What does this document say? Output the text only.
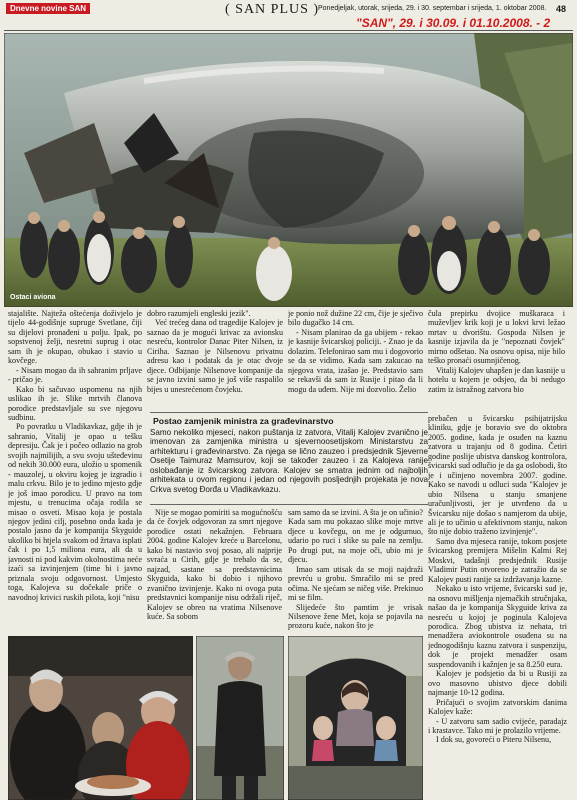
Dnevne novine SAN	( SAN PLUS )
Ponedjeljak, utorak, srijeda, 29. i 30. septembar i srijeda, 1. oktobar 2008. 48
"SAN", 29. i 30.09. i 01.10.2008. - 2
Ostaci aviona

stajalište. Najteža oštećenja doživjelo je tijelo 44-godišnje supruge Svetlane, čiji su dijelovi pronađeni u polju. Ipak, po sopstvenoj želji, nesretni suprug i otac sam ih je okupao, obukao i stavio u kovčege.

- Nisam mogao da ih sahranim prljave - pričao je.

Kako bi sačuvao uspomenu na njih uslikao ih je. Slike mrtvih članova porodice predstavljale su sve njegovu sudbinu.

Po povratku u Vladikavkaz, gdje ih je sahranio, Vitalij je opao u tešku depresiju. Čak je i počeo odlazio na grob svojih najmilijih, a svu svoju ušteđevinu od nekih 30.000 eura, uložio u spomenik - mauzolej, u okviru kojeg je izgradio i malu crkvu. Bilo je to jedino mjesto gdje je još imao porodicu. U pravo na tom mjestu, u trenucima očaja rodila se misao o osveti. Misao koja je postala njegov jedini cilj, posebno onda kada je postalo jasno da je kompanija Skyguide ukoliko bi htjela svakom od žrtava isplati čak i po 1,5 miliona eura, ali da u javnosti ni pod kakvim okolnostima neće izaći sa izvinjenjem (time bi i javno priznala svoju odgovornost. Umjesto toga, Kalojeva su dočekale priče o navodnoj krivici ruskih pilota, koji "nisu

dobro razumjeli engleski jezik".

Već trećeg dana od tragedije Kalojev je saznao da je mogući krivac za avionsku nesreću, kontrolor Danac Piter Nilsen, iz Ciriha. Saznao je Nilsenovu privatnu adresu kao i podatak da je otac dvoje djece. Odbijanje Nilsenove kompanije da se javno izvini samo je još više raspalilo bijes u unesrećenom čovjeku.

je ponio nož dužine 22 cm, čije je sječivo bilo dugačko 14 cm.

- Nisam planirao da ga ubijem - rekao je kasnije švicarskoj policiji. - Znao je da dolazim. Telefonirao sam mu i dogovorio se da se vidimo. Kada sam zakucao na njegova vrata, izašao je. Predstavio sam se rekavši da sam iz Rusije i pitao da li mogu da uđem. Nije mi dozvolio. Želio

čula prepirku dvojice muškaraca i muževljev krik koji je u lokvi krvi ležao mrtav u dvorištu. Gospoda Nilsen je kasnije izjavila da je "nepoznati čovjek" mirno odšetao. Na osnovu opisa, nije bilo teško pronaći osumnjičenog.

Vitalij Kalojev uhapšen je dan kasnije u hotelu u kojem je odsjeo, da bi nedugo zatim iz istražnog zatvora bio

Postao zamjenik ministra za građevinarstvo

Samo nekoliko mjeseci, nakon puštanja iz zatvora, Vitalij Kalojev zvanično je imenovan za zamjenika ministra u sjevernoosetijskom Ministarstvu za arhitekturu i građevinarstvo. Za njega se lično zauzeo i predsjednik Sjeverne Osetije Taimuraz Mamsurov, koji se također zauzeo i za Kalojeva ranije oslobađanje iz švicarskog zatvora. Kalojev se smatra jednim od najboljih arhitekata u ovom regionu i jedan od njegovih posljednjih projekata je nova Crkva svetog Đorđa u Vladikavkazu.

Nije se mogao pomiriti sa mogućnošću da će čovjek odgovoran za smrt njegove porodice ostati nekažnjen. Februara 2004. godine Kalojev kreće u Barcelonu, kako bi nastavio svoj posao, ali najprije svraća u Cirih, gdje je trebalo da se, najzad, sastane sa predstavnicima Skyguida, kako bi dobio i njihovo zvanično izvinjenje. Kako ni ovoga puta predstavnici kompanije nisu održali riječ, Kalojev se obreo na vratima Nilsenove kuće. Sa sobom

sam samo da se izvini. A šta je on učinio? Kada sam mu pokazao slike moje mrtve djece u kovčegu, on me je odgurnuo, udario po ruci i slike su pale na zemlju. Po drugi put, na moje oči, ubio mi je djecu.

Imao sam utisak da se moji najdraži prevrću u grobu. Smračilo mi se pred očima. Ne sjećam se ničeg više. Prekinuo mi se film.

Slijedeće što pamtim je vrisak Nilsenove žene Met, koja se pojavila na prozoru kuće, nakon što je

prebačen u švicarsku psihijatrijsku kliniku, gdje je boravio sve do oktobra 2005. godine, kada je osuđen na kaznu zatvora u trajanju od 8 godina. Četiri godine poslije ubistva danskog kontrolora, švicarski sud odlučio je da ga oslobodi, što je i učinjeno novembra 2007. godine. Kako se navodi u odluci suda "Kalojev je ubio Nilsena u stanju smanjene uračunljivosti, jer je utvrđeno da u Švicarsku nije došao s namjerom da ubije, ali je to učinio u afektivnom stanju, nakon što nije dobio traženo izvinjenje".

Samo dva mjeseca ranije, tokom posjete švicarskog premijera Mišelin Kalmi Rej Moskvi, tadašnji predsjednik Rusije Vladimir Putin otvoreno je zatražio da se Kalojev pusti ranije sa izdržavanja kazne.

Nekako u isto vrijeme, švicarski sud je, na osnovu mišljenja njemačkih stručnjaka, našao da je kompanija Skyguide kriva za nesreću u kojoj je poginula Kalojeva porodica. Zbog ubistva iz nehata, tri menadžera aviokontrole osuđena su na jednogodišnju kaznu zatvora i suspenziju, dok je projekt menadžer osam suspendovanih i kažnjen je sa 8.250 eura.

Kalojev je podsjetio da bi u Rusiji za ovo masovno ubistvo djece dobili najmanje 10-12 godina.

Pričajući o svojim zatvorskim danima Kalojev kaže:

- U zatvoru sam sadio cvijeće, paradajz i krastavce. Tako mi je prolazilo vrijeme.

I dok su, govoreći o Piteru Nilsenu,
